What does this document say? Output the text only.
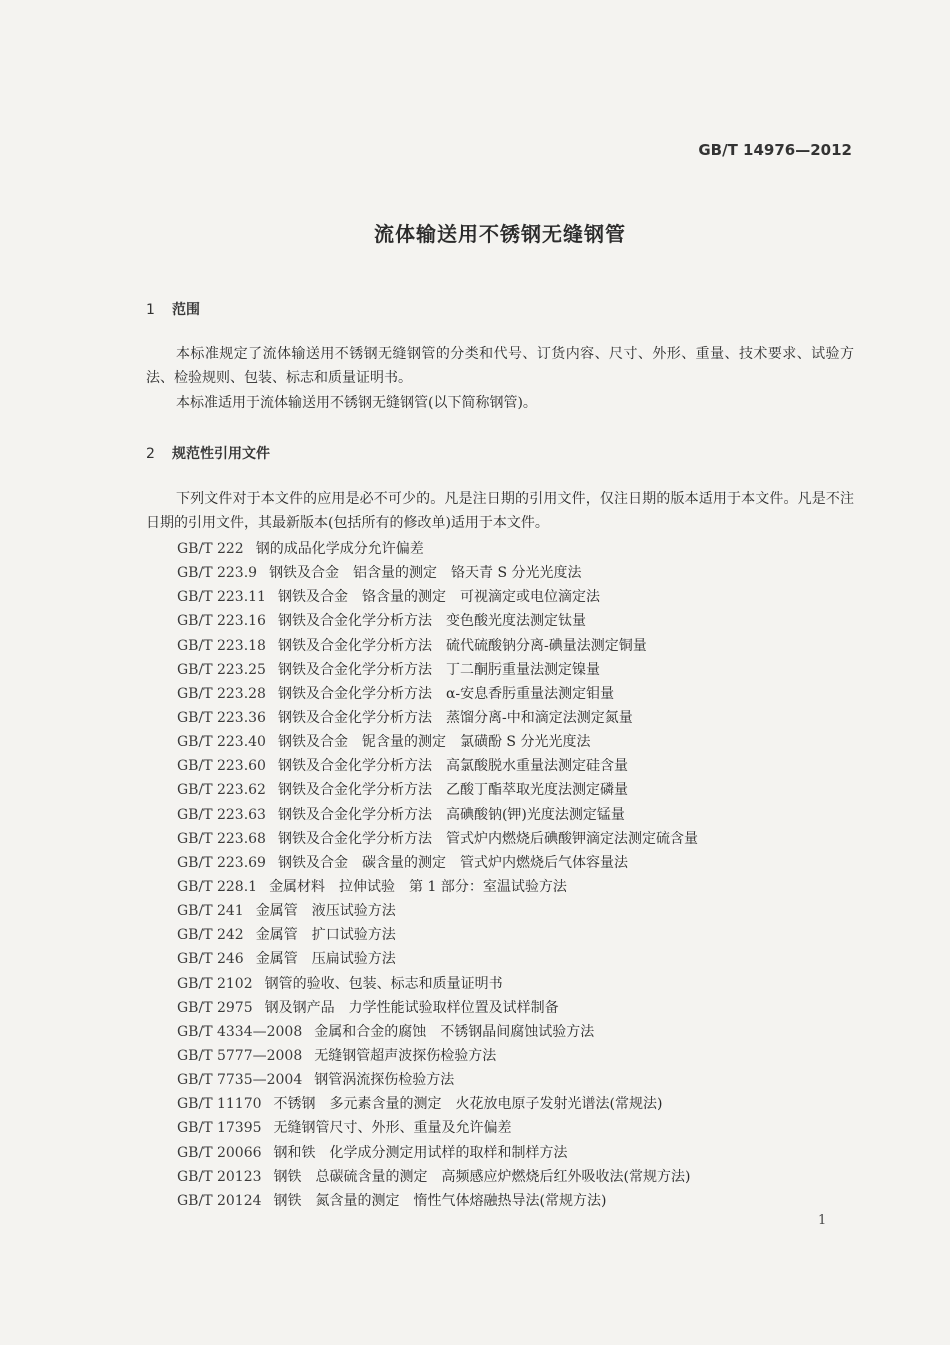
GB/T 14976—2012
流体输送用不锈钢无缝钢管
1 范围
本标准规定了流体输送用不锈钢无缝钢管的分类和代号、订货内容、尺寸、外形、重量、技术要求、试验方法、检验规则、包装、标志和质量证明书。
本标准适用于流体输送用不锈钢无缝钢管(以下简称钢管)。
2 规范性引用文件
下列文件对于本文件的应用是必不可少的。凡是注日期的引用文件，仅注日期的版本适用于本文件。凡是不注日期的引用文件，其最新版本(包括所有的修改单)适用于本文件。
GB/T 222 钢的成品化学成分允许偏差
GB/T 223.9 钢铁及合金　铝含量的测定　铬天青 S 分光光度法
GB/T 223.11 钢铁及合金　铬含量的测定　可视滴定或电位滴定法
GB/T 223.16 钢铁及合金化学分析方法　变色酸光度法测定钛量
GB/T 223.18 钢铁及合金化学分析方法　硫代硫酸钠分离-碘量法测定铜量
GB/T 223.25 钢铁及合金化学分析方法　丁二酮肟重量法测定镍量
GB/T 223.28 钢铁及合金化学分析方法　α-安息香肟重量法测定钼量
GB/T 223.36 钢铁及合金化学分析方法　蒸馏分离-中和滴定法测定氮量
GB/T 223.40 钢铁及合金　铌含量的测定　氯磺酚 S 分光光度法
GB/T 223.60 钢铁及合金化学分析方法　高氯酸脱水重量法测定硅含量
GB/T 223.62 钢铁及合金化学分析方法　乙酸丁酯萃取光度法测定磷量
GB/T 223.63 钢铁及合金化学分析方法　高碘酸钠(钾)光度法测定锰量
GB/T 223.68 钢铁及合金化学分析方法　管式炉内燃烧后碘酸钾滴定法测定硫含量
GB/T 223.69 钢铁及合金　碳含量的测定　管式炉内燃烧后气体容量法
GB/T 228.1 金属材料　拉伸试验　第 1 部分：室温试验方法
GB/T 241 金属管　液压试验方法
GB/T 242 金属管　扩口试验方法
GB/T 246 金属管　压扁试验方法
GB/T 2102 钢管的验收、包装、标志和质量证明书
GB/T 2975 钢及钢产品　力学性能试验取样位置及试样制备
GB/T 4334—2008 金属和合金的腐蚀　不锈钢晶间腐蚀试验方法
GB/T 5777—2008 无缝钢管超声波探伤检验方法
GB/T 7735—2004 钢管涡流探伤检验方法
GB/T 11170 不锈钢　多元素含量的测定　火花放电原子发射光谱法(常规法)
GB/T 17395 无缝钢管尺寸、外形、重量及允许偏差
GB/T 20066 钢和铁　化学成分测定用试样的取样和制样方法
GB/T 20123 钢铁　总碳硫含量的测定　高频感应炉燃烧后红外吸收法(常规方法)
GB/T 20124 钢铁　氮含量的测定　惰性气体熔融热导法(常规方法)
1
